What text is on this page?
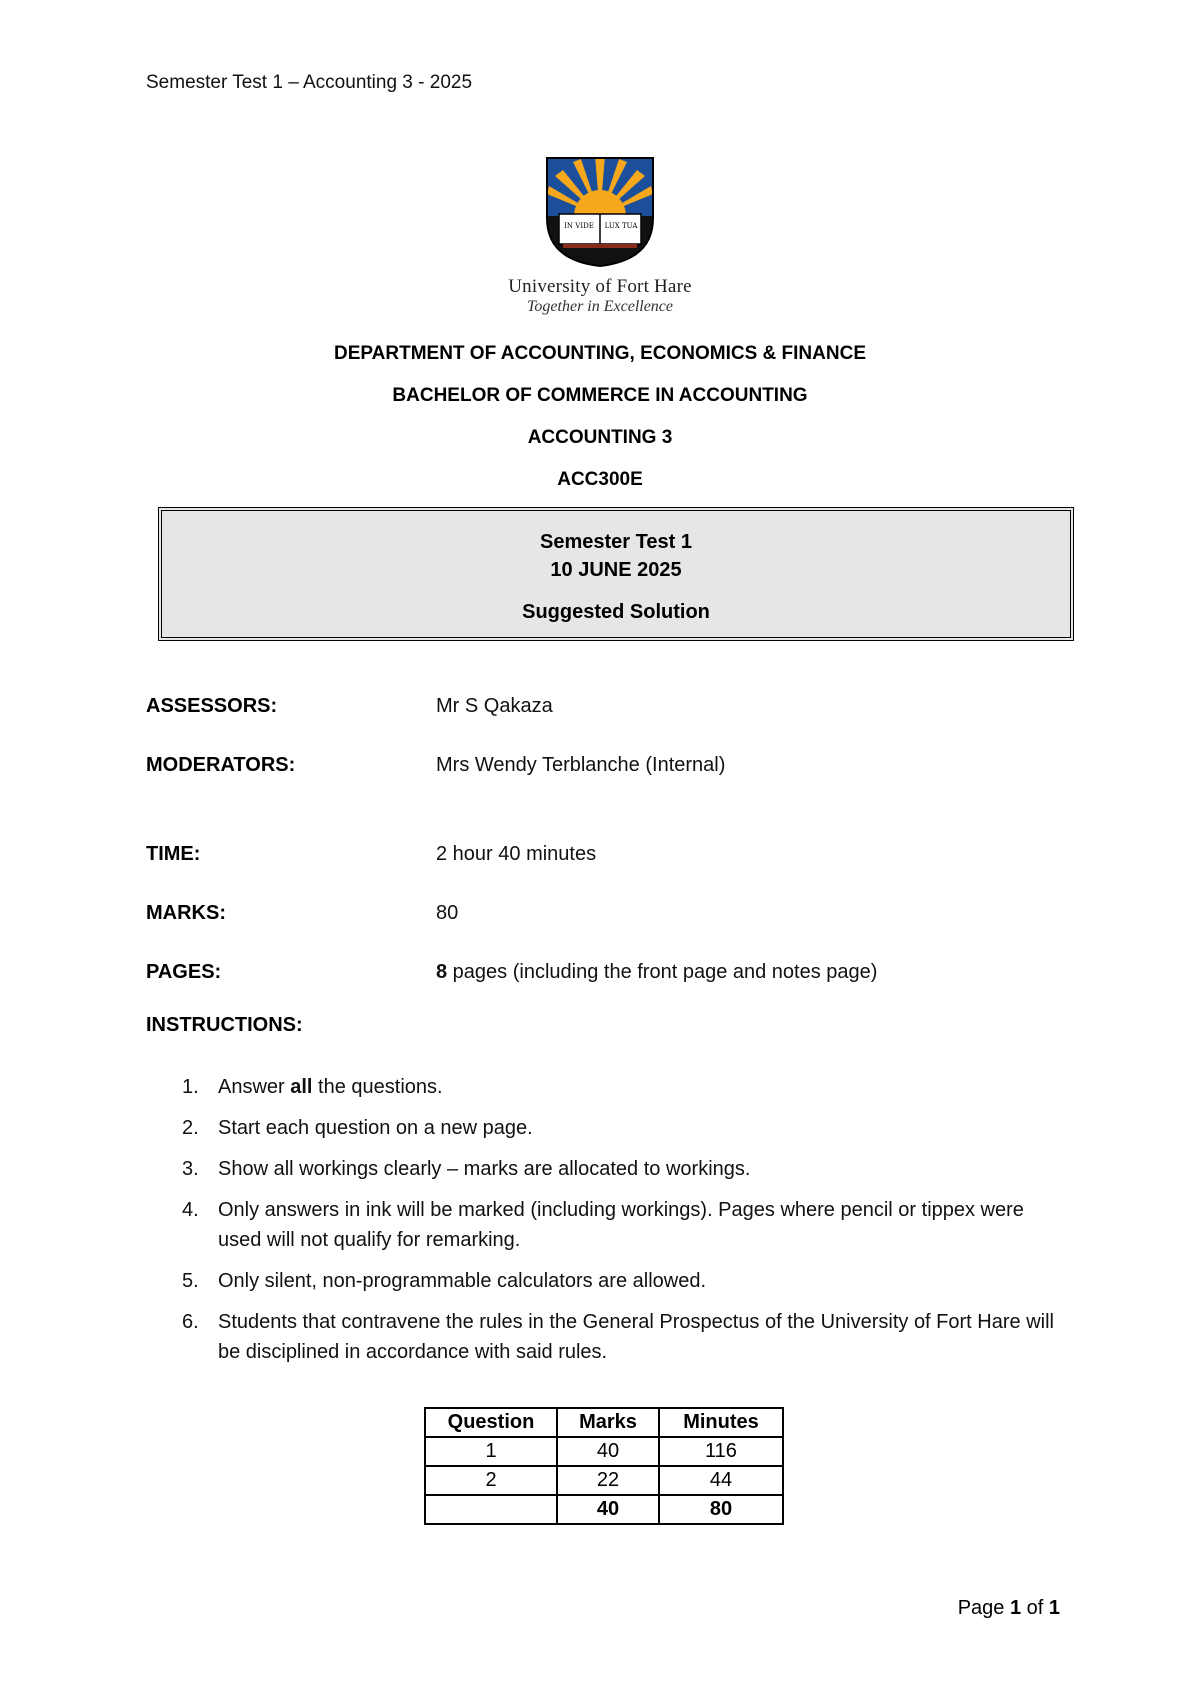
Semester Test 1 – Accounting 3 - 2025
IN VIDE LUX TUA
University of Fort Hare
Together in Excellence
DEPARTMENT OF ACCOUNTING, ECONOMICS & FINANCE
BACHELOR OF COMMERCE IN ACCOUNTING
ACCOUNTING 3
ACC300E
Semester Test 1
10 JUNE 2025
Suggested Solution
ASSESSORS:	Mr S Qakaza
MODERATORS:	Mrs Wendy Terblanche (Internal)
TIME:	2 hour 40 minutes
MARKS:	80
PAGES:	8 pages (including the front page and notes page)
INSTRUCTIONS:
1. Answer all the questions.
2. Start each question on a new page.
3. Show all workings clearly – marks are allocated to workings.
4. Only answers in ink will be marked (including workings). Pages where pencil or tippex were used will not qualify for remarking.
5. Only silent, non-programmable calculators are allowed.
6. Students that contravene the rules in the General Prospectus of the University of Fort Hare will be disciplined in accordance with said rules.
Question	Marks	Minutes
1	40	116
2	22	44
	40	80
Page 1 of 1
